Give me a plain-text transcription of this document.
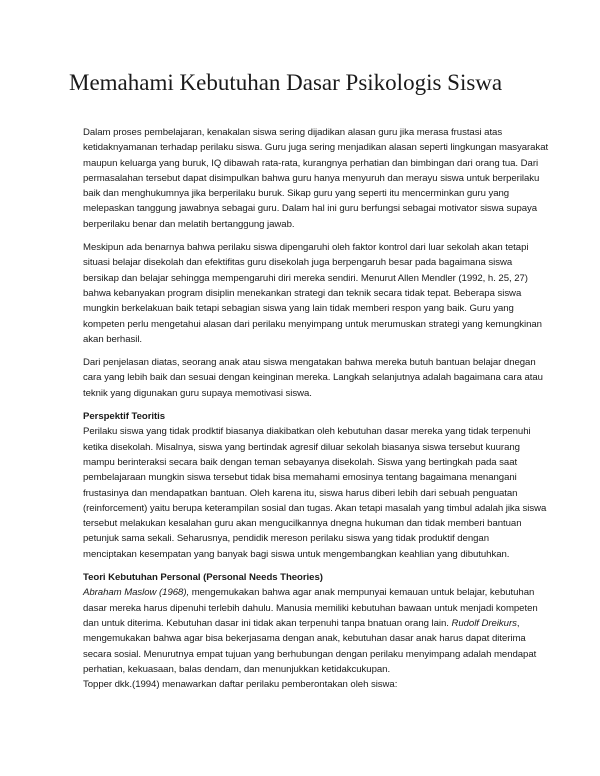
Memahami Kebutuhan Dasar Psikologis Siswa

Dalam proses pembelajaran, kenakalan siswa sering dijadikan alasan guru jika merasa frustasi atas
ketidaknyamanan terhadap perilaku siswa. Guru juga sering menjadikan alasan seperti lingkungan masyarakat
maupun keluarga yang buruk, IQ dibawah rata-rata, kurangnya perhatian dan bimbingan dari orang tua. Dari
permasalahan tersebut dapat disimpulkan bahwa guru hanya menyuruh dan merayu siswa untuk berperilaku
baik dan menghukumnya jika berperilaku buruk. Sikap guru yang seperti itu mencerminkan guru yang
melepaskan tanggung jawabnya sebagai guru. Dalam hal ini guru berfungsi sebagai motivator siswa supaya
berperilaku benar dan melatih bertanggung jawab.

Meskipun ada benarnya bahwa perilaku siswa dipengaruhi oleh faktor kontrol dari luar sekolah akan tetapi
situasi belajar disekolah dan efektifitas guru disekolah juga berpengaruh besar pada bagaimana siswa
bersikap dan belajar sehingga mempengaruhi diri mereka sendiri. Menurut Allen Mendler (1992, h. 25, 27)
bahwa kebanyakan program disiplin menekankan strategi dan teknik secara tidak tepat. Beberapa siswa
mungkin berkelakuan baik tetapi sebagian siswa yang lain tidak memberi respon yang baik. Guru yang
kompeten perlu mengetahui alasan dari perilaku menyimpang untuk merumuskan strategi yang kemungkinan
akan berhasil.

Dari penjelasan diatas, seorang anak atau siswa mengatakan bahwa mereka butuh bantuan belajar dnegan
cara yang lebih baik dan sesuai dengan keinginan mereka. Langkah selanjutnya adalah bagaimana cara atau
teknik yang digunakan guru supaya memotivasi siswa.

Perspektif Teoritis

Perilaku siswa yang tidak prodktif biasanya diakibatkan oleh kebutuhan dasar mereka yang tidak terpenuhi
ketika disekolah. Misalnya, siswa yang bertindak agresif diluar sekolah biasanya siswa tersebut kuurang
mampu berinteraksi secara baik dengan teman sebayanya disekolah. Siswa yang bertingkah pada saat
pembelajaraan mungkin siswa tersebut tidak bisa memahami emosinya tentang bagaimana menangani
frustasinya dan mendapatkan bantuan. Oleh karena itu, siswa harus diberi lebih dari sebuah penguatan
(reinforcement) yaitu berupa keterampilan sosial dan tugas. Akan tetapi masalah yang timbul adalah jika siswa
tersebut melakukan kesalahan guru akan mengucilkannya dnegna hukuman dan tidak memberi bantuan
petunjuk sama sekali. Seharusnya, pendidik mereson perilaku siswa yang tidak produktif dengan
menciptakan kesempatan yang banyak bagi siswa untuk mengembangkan keahlian yang dibutuhkan.

Teori Kebutuhan Personal (Personal Needs Theories)

Abraham Maslow (1968), mengemukakan bahwa agar anak mempunyai kemauan untuk belajar, kebutuhan
dasar mereka harus dipenuhi terlebih dahulu. Manusia memiliki kebutuhan bawaan untuk menjadi kompeten
dan untuk diterima. Kebutuhan dasar ini tidak akan terpenuhi tanpa bnatuan orang lain. Rudolf Dreikurs,
mengemukakan bahwa agar bisa bekerjasama dengan anak, kebutuhan dasar anak harus dapat diterima
secara sosial. Menurutnya empat tujuan yang berhubungan dengan perilaku menyimpang adalah mendapat
perhatian, kekuasaan, balas dendam, dan menunjukkan ketidakcukupan.
Topper dkk.(1994) menawarkan daftar perilaku pemberontakan oleh siswa:
